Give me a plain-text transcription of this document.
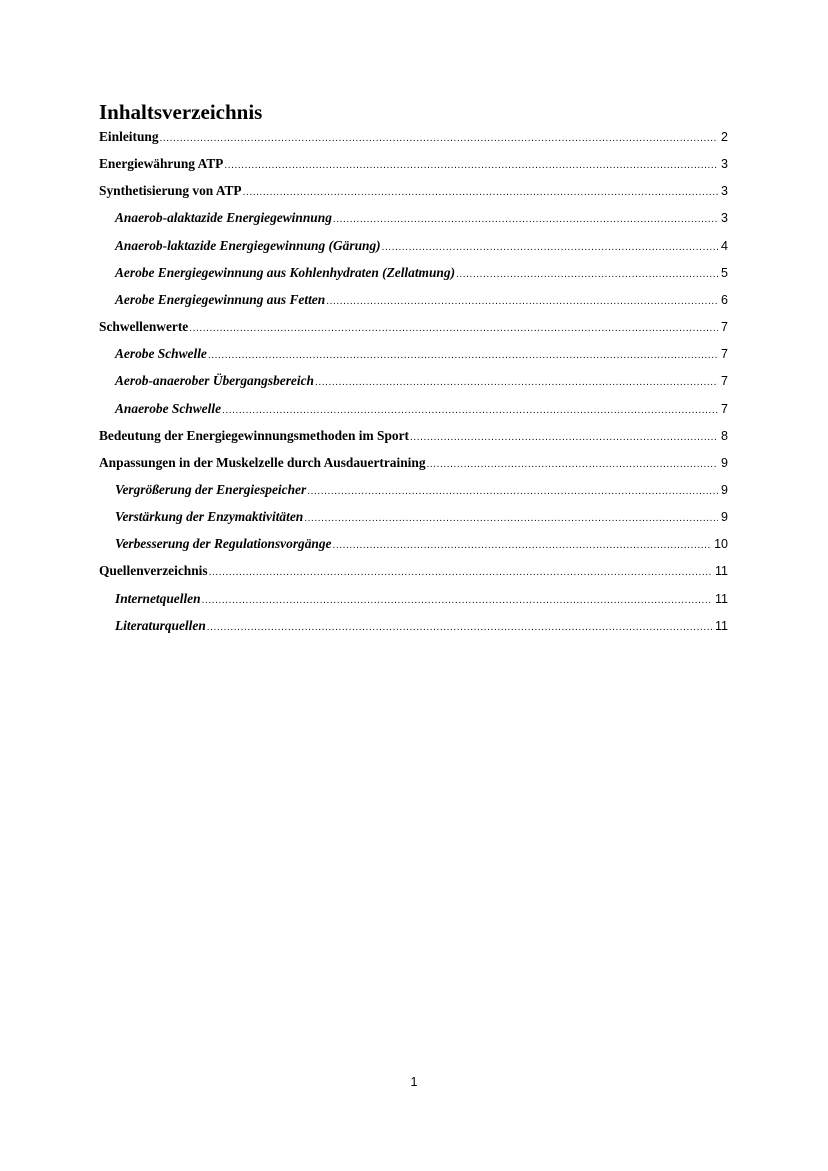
Inhaltsverzeichnis
Einleitung .....	2
Energiewährung ATP .....	3
Synthetisierung von ATP .....	3
Anaerob-alaktazide Energiegewinnung .....	3
Anaerob-laktazide Energiegewinnung (Gärung) .....	4
Aerobe Energiegewinnung aus Kohlenhydraten (Zellatmung) .....	5
Aerobe Energiegewinnung aus Fetten .....	6
Schwellenwerte .....	7
Aerobe Schwelle .....	7
Aerob-anaerober Übergangsbereich .....	7
Anaerobe Schwelle .....	7
Bedeutung der Energiegewinnungsmethoden im Sport .....	8
Anpassungen in der Muskelzelle durch Ausdauertraining .....	9
Vergrößerung der Energiespeicher .....	9
Verstärkung der Enzymaktivitäten .....	9
Verbesserung der Regulationsvorgänge .....	10
Quellenverzeichnis .....	11
Internetquellen .....	11
Literaturquellen .....	11
1
